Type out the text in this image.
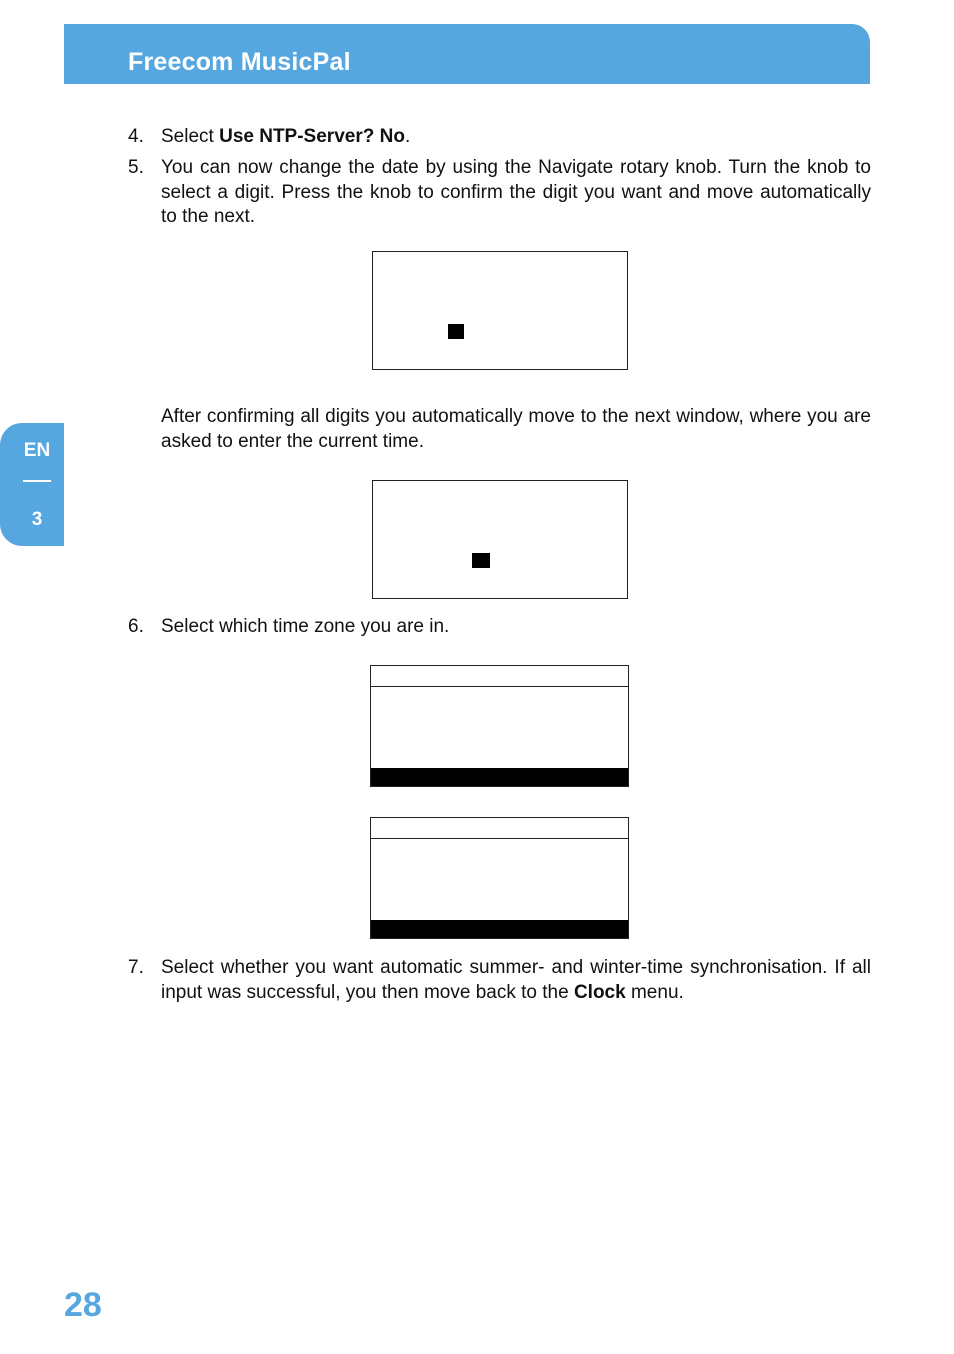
Freecom MusicPal
EN
3
4. Select Use NTP-Server? No.
5. You can now change the date by using the Navigate rotary knob. Turn the knob to select a digit. Press the knob to confirm the digit you want and move automatically to the next.
After confirming all digits you automatically move to the next window, where you are asked to enter the current time.
6. Select which time zone you are in.
7. Select whether you want automatic summer- and winter-time synchronisation. If all input was successful, you then move back to the Clock menu.
28
